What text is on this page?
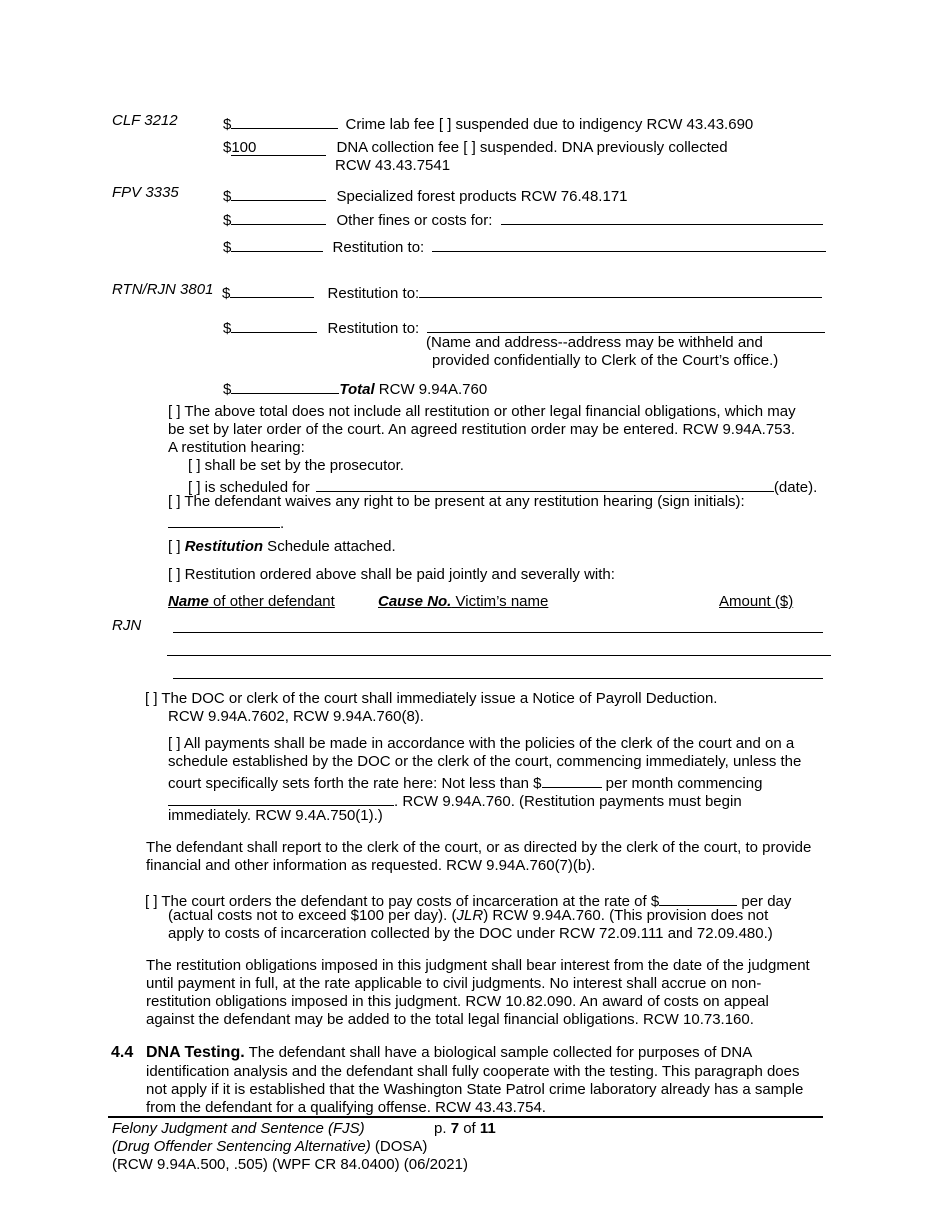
CLF 3212	$	Crime lab fee [ ] suspended due to indigency RCW 43.43.690
$100	DNA collection fee [ ] suspended. DNA previously collected
RCW 43.43.7541
FPV 3335	$	Specialized forest products RCW 76.48.171
$	Other fines or costs for:
$	Restitution to:
RTN/RJN 3801 $	Restitution to:
$	Restitution to:
(Name and address--address may be withheld and
provided confidentially to Clerk of the Court’s office.)
$	Total RCW 9.94A.760
[ ] The above total does not include all restitution or other legal financial obligations, which may
be set by later order of the court. An agreed restitution order may be entered. RCW 9.94A.753.
A restitution hearing:
[ ] shall be set by the prosecutor.
[ ] is scheduled for	(date).
[ ] The defendant waives any right to be present at any restitution hearing (sign initials):
.
[ ] Restitution Schedule attached.
[ ] Restitution ordered above shall be paid jointly and severally with:
Name of other defendant	Cause No. Victim’s name	Amount ($)
RJN
[ ] The DOC or clerk of the court shall immediately issue a Notice of Payroll Deduction.
RCW 9.94A.7602, RCW 9.94A.760(8).
[ ] All payments shall be made in accordance with the policies of the clerk of the court and on a
schedule established by the DOC or the clerk of the court, commencing immediately, unless the
court specifically sets forth the rate here: Not less than $	per month commencing
. RCW 9.94A.760. (Restitution payments must begin
immediately. RCW 9.4A.750(1).)
The defendant shall report to the clerk of the court, or as directed by the clerk of the court, to provide
financial and other information as requested. RCW 9.94A.760(7)(b).
[ ] The court orders the defendant to pay costs of incarceration at the rate of $	per day
(actual costs not to exceed $100 per day). (JLR) RCW 9.94A.760. (This provision does not
apply to costs of incarceration collected by the DOC under RCW 72.09.111 and 72.09.480.)
The restitution obligations imposed in this judgment shall bear interest from the date of the judgment
until payment in full, at the rate applicable to civil judgments. No interest shall accrue on non-
restitution obligations imposed in this judgment. RCW 10.82.090. An award of costs on appeal
against the defendant may be added to the total legal financial obligations. RCW 10.73.160.
4.4 DNA Testing. The defendant shall have a biological sample collected for purposes of DNA
identification analysis and the defendant shall fully cooperate with the testing. This paragraph does
not apply if it is established that the Washington State Patrol crime laboratory already has a sample
from the defendant for a qualifying offense. RCW 43.43.754.
Felony Judgment and Sentence (FJS)	p. 7 of 11
(Drug Offender Sentencing Alternative) (DOSA)
(RCW 9.94A.500, .505) (WPF CR 84.0400) (06/2021)
